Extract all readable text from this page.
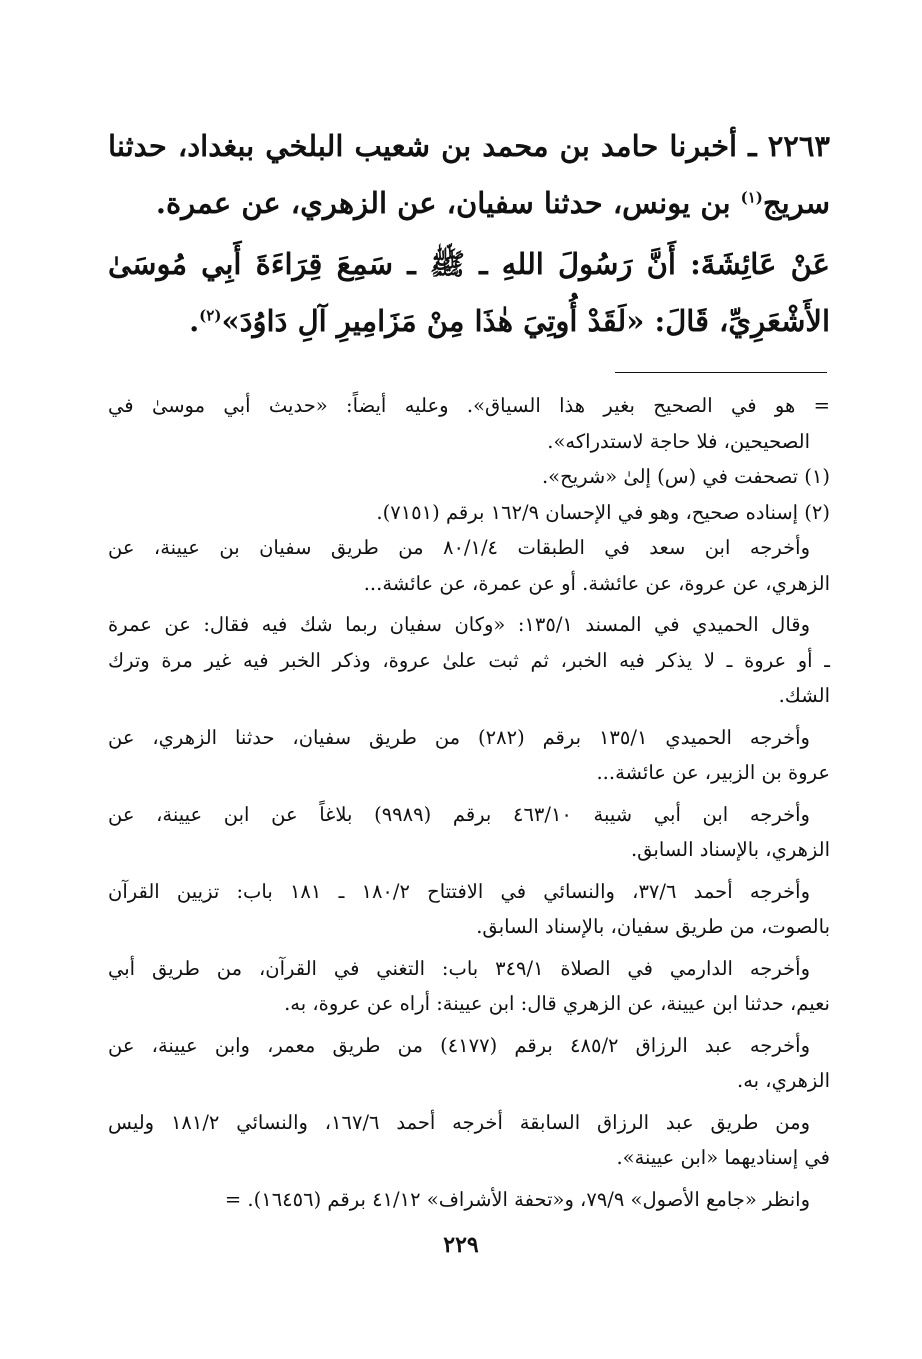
٢٢٦٣ ـ أخبرنا حامد بن محمد بن شعيب البلخي ببغداد، حدثنا
سريج$^{(١)}$ بن يونس، حدثنا سفيان، عن الزهري، عن عمرة.
عَنْ عَائِشَةَ: أَنَّ رَسُولَ اللهِ ـ ﷺ ـ سَمِعَ قِرَاءَةَ أَبِي مُوسَىٰ
الأَشْعَرِيِّ، قَالَ: «لَقَدْ أُوتِيَ هٰذَا مِنْ مَزَامِيرِ آلِ دَاوُدَ»$^{(٢)}$.
= هو في الصحيح بغير هذا السياق». وعليه أيضاً: «حديث أبي موسىٰ في
الصحيحين، فلا حاجة لاستدراكه».
(١) تصحفت في (س) إلىٰ «شريح».
(٢) إسناده صحيح، وهو في الإحسان ١٦٢/٩ برقم (٧١٥١).
وأخرجه ابن سعد في الطبقات ٨٠/١/٤ من طريق سفيان بن عيينة، عن
الزهري، عن عروة، عن عائشة. أو عن عمرة، عن عائشة...
وقال الحميدي في المسند ١٣٥/١: «وكان سفيان ربما شك فيه فقال: عن عمرة
ـ أو عروة ـ لا يذكر فيه الخبر، ثم ثبت علىٰ عروة، وذكر الخبر فيه غير مرة وترك
الشك.
وأخرجه الحميدي ١٣٥/١ برقم (٢٨٢) من طريق سفيان، حدثنا الزهري، عن
عروة بن الزبير، عن عائشة...
وأخرجه ابن أبي شيبة ٤٦٣/١٠ برقم (٩٩٨٩) بلاغاً عن ابن عيينة، عن
الزهري، بالإسناد السابق.
وأخرجه أحمد ٣٧/٦، والنسائي في الافتتاح ١٨٠/٢ ـ ١٨١ باب: تزيين القرآن
بالصوت، من طريق سفيان، بالإسناد السابق.
وأخرجه الدارمي في الصلاة ٣٤٩/١ باب: التغني في القرآن، من طريق أبي
نعيم، حدثنا ابن عيينة، عن الزهري قال: ابن عيينة: أراه عن عروة، به.
وأخرجه عبد الرزاق ٤٨٥/٢ برقم (٤١٧٧) من طريق معمر، وابن عيينة، عن
الزهري، به.
ومن طريق عبد الرزاق السابقة أخرجه أحمد ١٦٧/٦، والنسائي ١٨١/٢ وليس
في إسناديهما «ابن عيينة».
وانظر «جامع الأصول» ٧٩/٩، و«تحفة الأشراف» ٤١/١٢ برقم (١٦٤٥٦). =
٢٢٩
